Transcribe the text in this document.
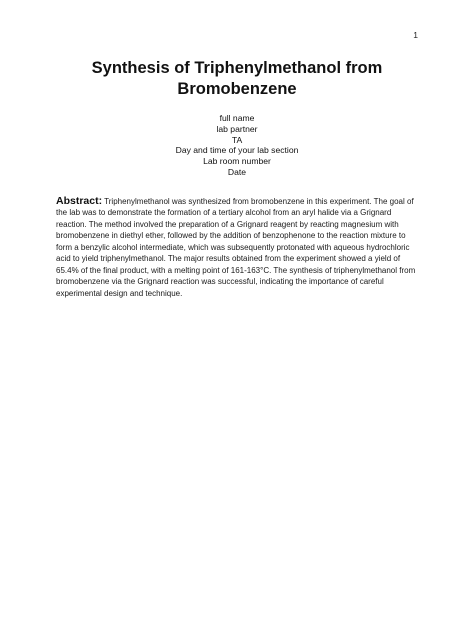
1
Synthesis of Triphenylmethanol from
Bromobenzene
full name
lab partner
TA
Day and time of your lab section
Lab room number
Date

Abstract: Triphenylmethanol was synthesized from bromobenzene in this experiment. The goal of the lab was to demonstrate the formation of a tertiary alcohol from an aryl halide via a Grignard reaction. The method involved the preparation of a Grignard reagent by reacting magnesium with bromobenzene in diethyl ether, followed by the addition of benzophenone to the reaction mixture to form a benzylic alcohol intermediate, which was subsequently protonated with aqueous hydrochloric acid to yield triphenylmethanol. The major results obtained from the experiment showed a yield of 65.4% of the final product, with a melting point of 161-163°C. The synthesis of triphenylmethanol from bromobenzene via the Grignard reaction was successful, indicating the importance of careful experimental design and technique.
